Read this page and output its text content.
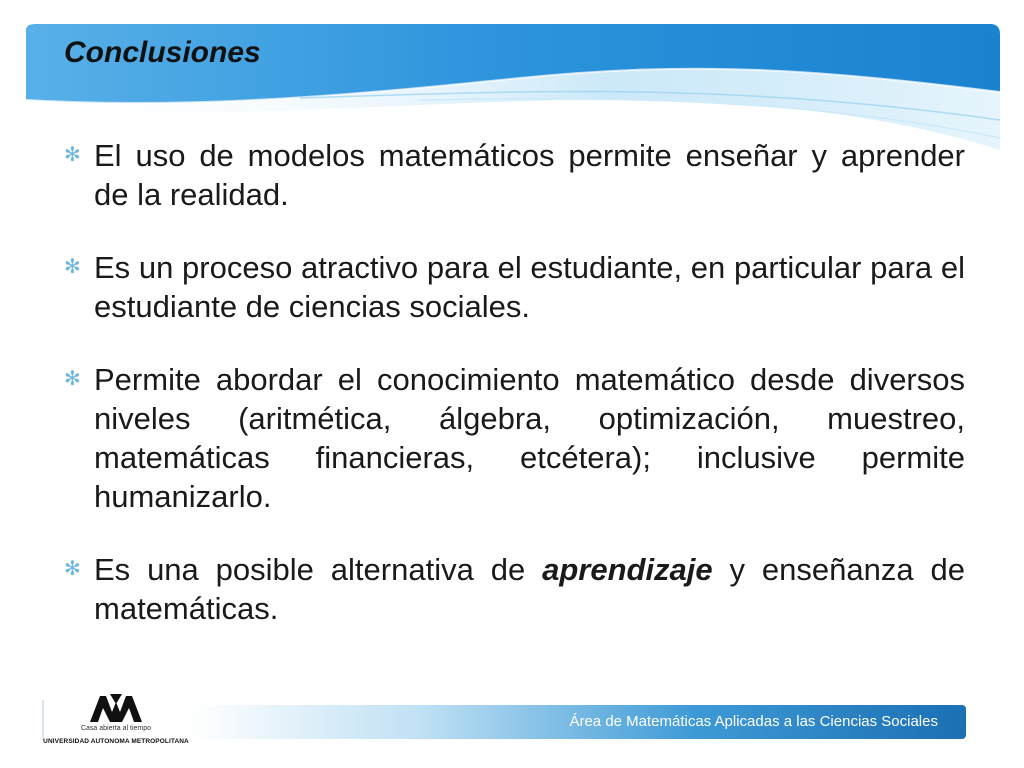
Conclusiones
✻ El uso de modelos matemáticos permite enseñar y aprender de la realidad.
✻ Es un proceso atractivo para el estudiante, en particular para el estudiante de ciencias sociales.
✻ Permite abordar el conocimiento matemático desde diversos niveles (aritmética, álgebra, optimización, muestreo, matemáticas financieras, etcétera); inclusive permite humanizarlo.
✻ Es una posible alternativa de aprendizaje y enseñanza de matemáticas.
Casa abierta al tiempo
UNIVERSIDAD AUTONOMA METROPOLITANA
Área de Matemáticas Aplicadas a las Ciencias Sociales
